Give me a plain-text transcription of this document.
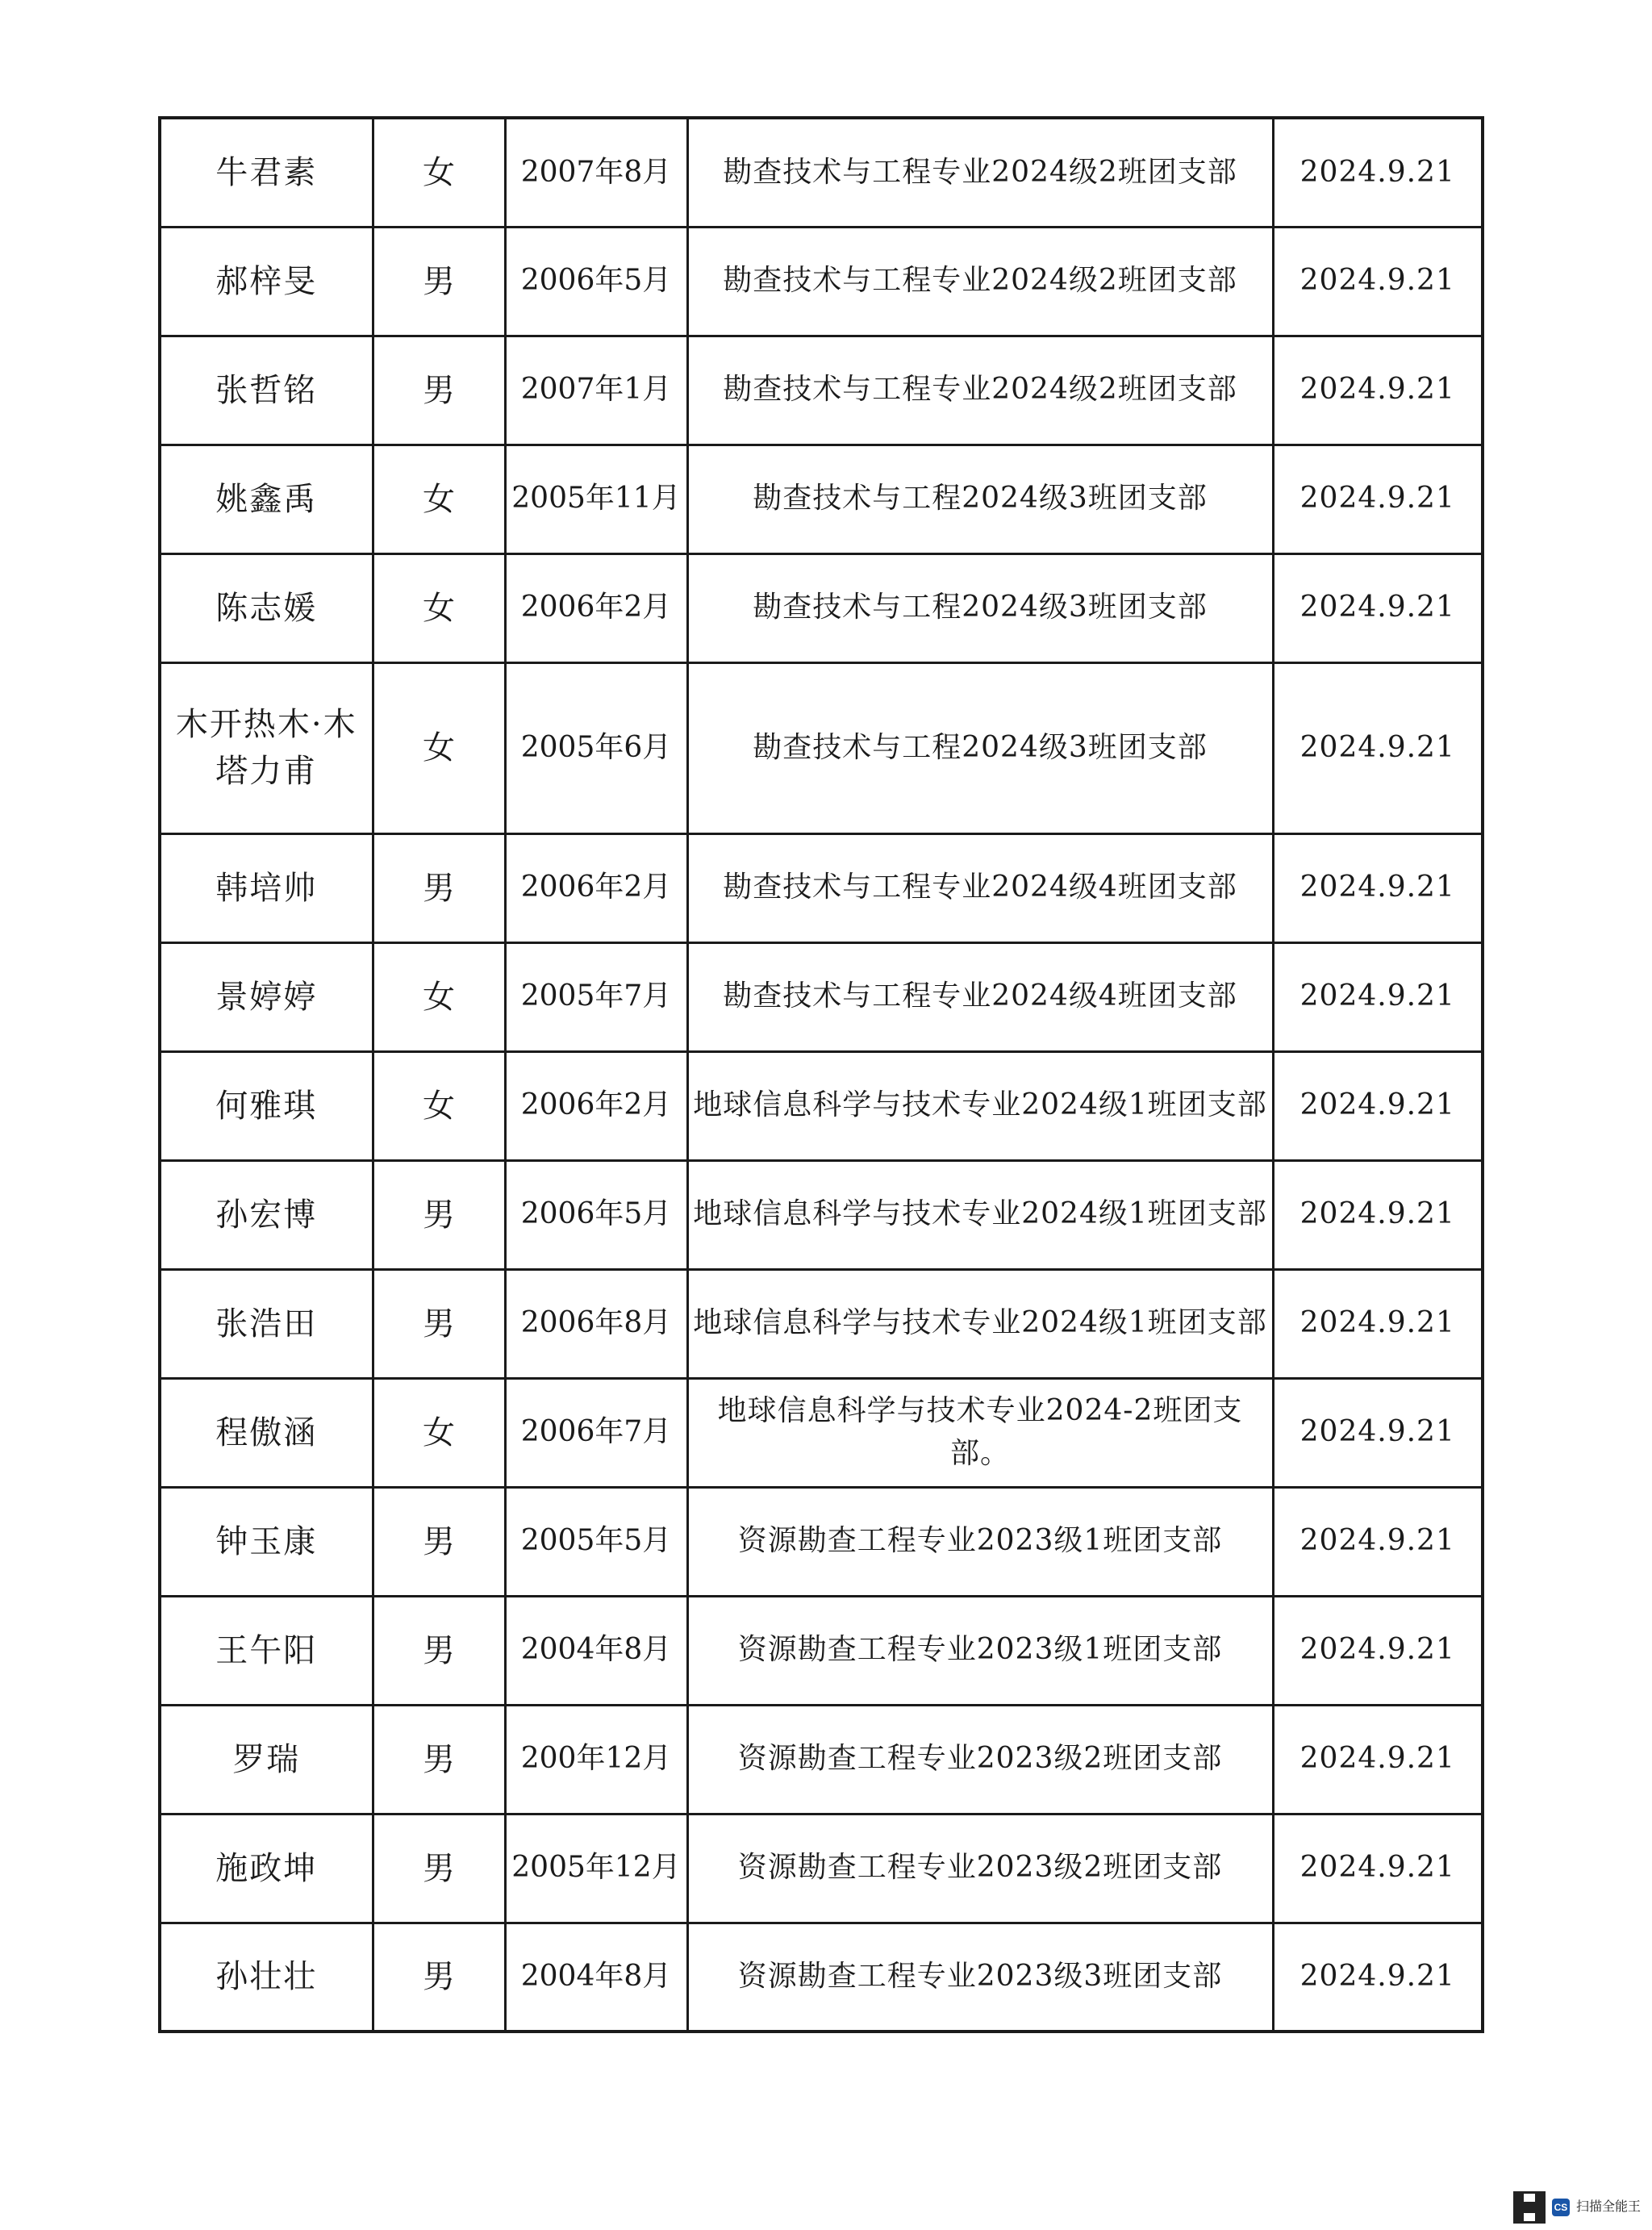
牛君素	女	2007年8月	勘查技术与工程专业2024级2班团支部	2024.9.21
郝梓旻	男	2006年5月	勘查技术与工程专业2024级2班团支部	2024.9.21
张哲铭	男	2007年1月	勘查技术与工程专业2024级2班团支部	2024.9.21
姚鑫禹	女	2005年11月	勘查技术与工程2024级3班团支部	2024.9.21
陈志媛	女	2006年2月	勘查技术与工程2024级3班团支部	2024.9.21
木开热木·木塔力甫	女	2005年6月	勘查技术与工程2024级3班团支部	2024.9.21
韩培帅	男	2006年2月	勘查技术与工程专业2024级4班团支部	2024.9.21
景婷婷	女	2005年7月	勘查技术与工程专业2024级4班团支部	2024.9.21
何雅琪	女	2006年2月	地球信息科学与技术专业2024级1班团支部	2024.9.21
孙宏博	男	2006年5月	地球信息科学与技术专业2024级1班团支部	2024.9.21
张浩田	男	2006年8月	地球信息科学与技术专业2024级1班团支部	2024.9.21
程傲涵	女	2006年7月	地球信息科学与技术专业2024-2班团支部。	2024.9.21
钟玉康	男	2005年5月	资源勘查工程专业2023级1班团支部	2024.9.21
王午阳	男	2004年8月	资源勘查工程专业2023级1班团支部	2024.9.21
罗瑞	男	200年12月	资源勘查工程专业2023级2班团支部	2024.9.21
施政坤	男	2005年12月	资源勘查工程专业2023级2班团支部	2024.9.21
孙壮壮	男	2004年8月	资源勘查工程专业2023级3班团支部	2024.9.21
CS 扫描全能王
